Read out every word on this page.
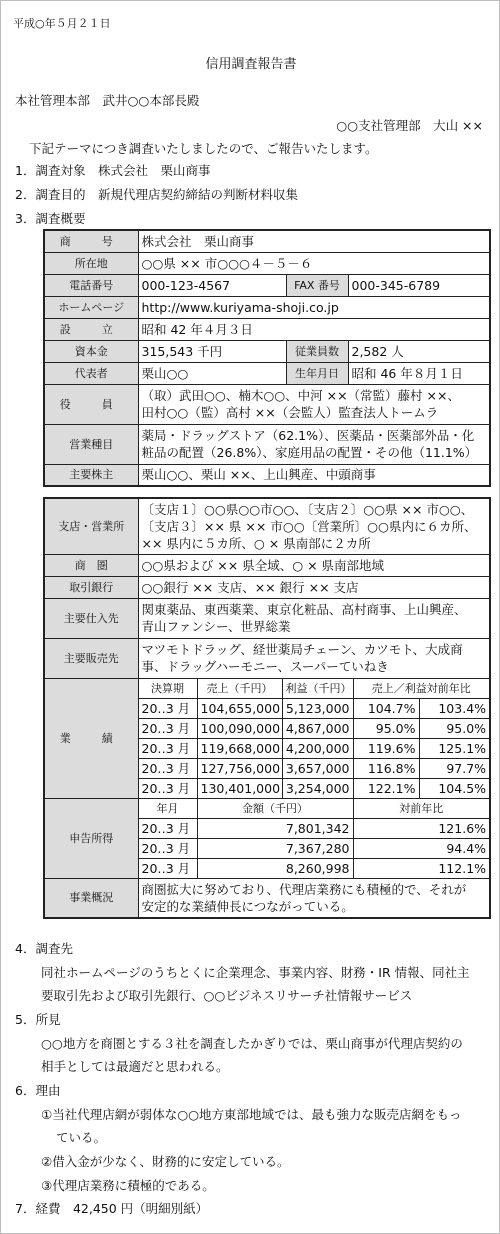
平成○年５月２１日
信用調査報告書
本社管理本部　武井○○本部長殿
○○支社管理部　大山 ××
下記テーマにつき調査いたしましたので、ご報告いたします。
1．調査対象　株式会社　栗山商事
2．調査目的　新規代理店契約締結の判断材料収集
3．調査概要
商　号	株式会社　栗山商事		
所在地	○○県 ×× 市○○○４－５－６		
電話番号	000-123-4567	FAX 番号	000-345-6789
ホームページ	http://www.kuriyama-shoji.co.jp		
設　立	昭和 42 年４月３日		
資本金	315,543 千円	従業員数	2,582 人
代表者	栗山○○	生年月日	昭和 46 年８月１日
役　員	（取）武田○○、楠木○○、中河 ××（常監）藤村 ××、
田村○○（監）高村 ××（会監人）監査法人トームラ		

営業種目	薬局・ドラッグストア（62.1%）、医薬品・医薬部外品・化
粧品の配置（26.8%）、家庭用品の配置・その他（11.1%）		

主要株主	栗山○○、栗山 ××、上山興産、中頭商事		
支店・営業所	〔支店１〕○○県○○市○○、〔支店２〕○○県 ×× 市○○、
〔支店３〕×× 県 ×× 市○○〔営業所〕○○県内に６カ所、
×× 県内に５カ所、○ × 県南部に２カ所				

商　圏	○○県および ×× 県全域、○ × 県南部地域				
取引銀行	○○銀行 ×× 支店、×× 銀行 ×× 支店				
主要仕入先	関東薬品、東西薬業、東京化粧品、高村商事、上山興産、
青山ファンシー、世界総業				

主要販売先	マツモトドラッグ、経世薬局チェーン、カツモト、大成商
事、ドラッグハーモニー、スーパーていねき				

業　績	決算期	売上（千円）	利益（千円）	売上／利益対前年比	
	20‥3 月	104,655,000	5,123,000	104.7%	103.4%
	20‥3 月	100,090,000	4,867,000	95.0%	95.0%
	20‥3 月	119,668,000	4,200,000	119.6%	125.1%
	20‥3 月	127,756,000	3,657,000	116.8%	97.7%
	20‥3 月	130,401,000	3,254,000	122.1%	104.5%
申告所得	年月	金額（千円）		対前年比	
	20‥3 月	7,801,342		121.6%	
	20‥3 月	7,367,280		94.4%	
	20‥3 月	8,260,998		112.1%	
事業概況	商圏拡大に努めており、代理店業務にも積極的で、それが
安定的な業績伸長につながっている。				
4．調査先
同社ホームページのうちとくに企業理念、事業内容、財務・IR 情報、同社主
要取引先および取引先銀行、○○ビジネスリサーチ社情報サービス
5．所見
○○地方を商圏とする３社を調査したかぎりでは、栗山商事が代理店契約の
相手としては最適だと思われる。
6．理由
①当社代理店網が弱体な○○地方東部地域では、最も強力な販売店網をもっ
ている。
②借入金が少なく、財務的に安定している。
③代理店業務に積極的である。
7．経費　42,450 円（明細別紙）
